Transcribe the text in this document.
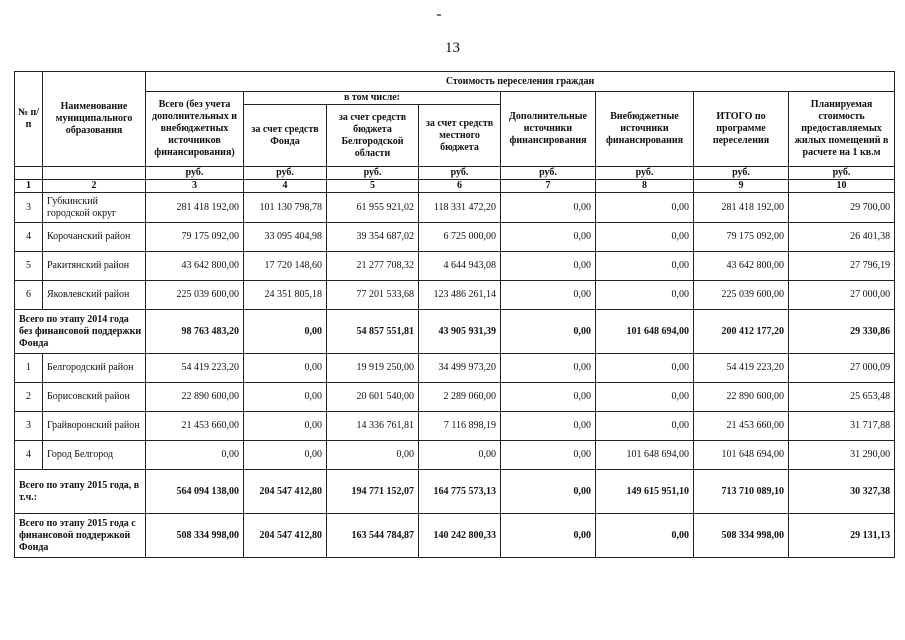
13
№ п/п	Наименование муниципального образования	Стоимость переселения граждан							
		Всего (без учета дополнительных и внебюджетных источников финансирования)	в том числе:			Дополнительные источники финансирования	Внебюджетные источники финансирования	ИТОГО по программе переселения	Планируемая стоимость предоставляемых жилых помещений в расчете на 1 кв.м
			за счет средств Фонда	за счет средств бюджета Белгородской области	за счет средств местного бюджета				
		руб.	руб.	руб.	руб.	руб.	руб.	руб.	руб.
1	2	3	4	5	6	7	8	9	10
3	Губкинский городской округ	281 418 192,00	101 130 798,78	61 955 921,02	118 331 472,20	0,00	0,00	281 418 192,00	29 700,00
4	Корочанский район	79 175 092,00	33 095 404,98	39 354 687,02	6 725 000,00	0,00	0,00	79 175 092,00	26 401,38
5	Ракитянский район	43 642 800,00	17 720 148,60	21 277 708,32	4 644 943,08	0,00	0,00	43 642 800,00	27 796,19
6	Яковлевский район	225 039 600,00	24 351 805,18	77 201 533,68	123 486 261,14	0,00	0,00	225 039 600,00	27 000,00
Всего по этапу 2014 года без финансовой поддержки Фонда		98 763 483,20	0,00	54 857 551,81	43 905 931,39	0,00	101 648 694,00	200 412 177,20	29 330,86
1	Белгородский район	54 419 223,20	0,00	19 919 250,00	34 499 973,20	0,00	0,00	54 419 223,20	27 000,09
2	Борисовский район	22 890 600,00	0,00	20 601 540,00	2 289 060,00	0,00	0,00	22 890 600,00	25 653,48
3	Грайворонский район	21 453 660,00	0,00	14 336 761,81	7 116 898,19	0,00	0,00	21 453 660,00	31 717,88
4	Город Белгород	0,00	0,00	0,00	0,00	0,00	101 648 694,00	101 648 694,00	31 290,00
Всего по этапу 2015 года, в т.ч.:		564 094 138,00	204 547 412,80	194 771 152,07	164 775 573,13	0,00	149 615 951,10	713 710 089,10	30 327,38
Всего по этапу 2015 года с финансовой поддержкой Фонда		508 334 998,00	204 547 412,80	163 544 784,87	140 242 800,33	0,00	0,00	508 334 998,00	29 131,13
